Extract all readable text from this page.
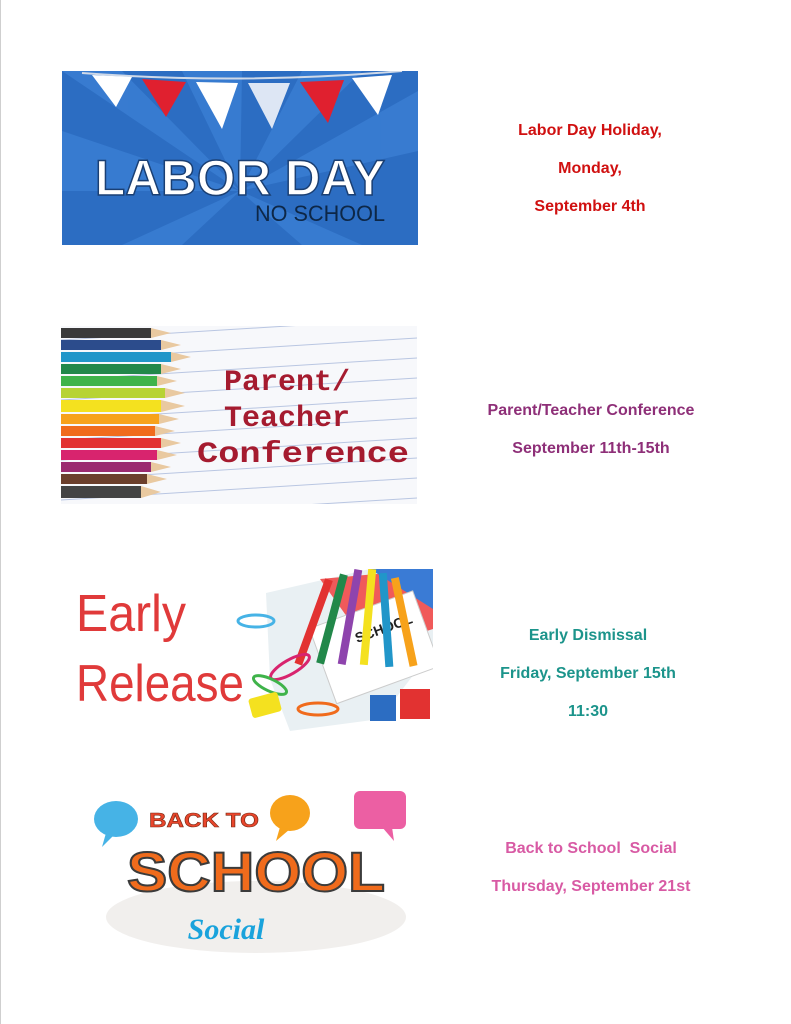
LABOR DAY
NO SCHOOL
Labor Day Holiday,
Monday,
September 4th
Parent/
Teacher
Conference
Parent/Teacher Conference
September 11th-15th
Early
Release
Early Dismissal
Friday, September 15th
11:30
BACK TO
SCHOOL
Social
Back to School  Social
Thursday, September 21st
